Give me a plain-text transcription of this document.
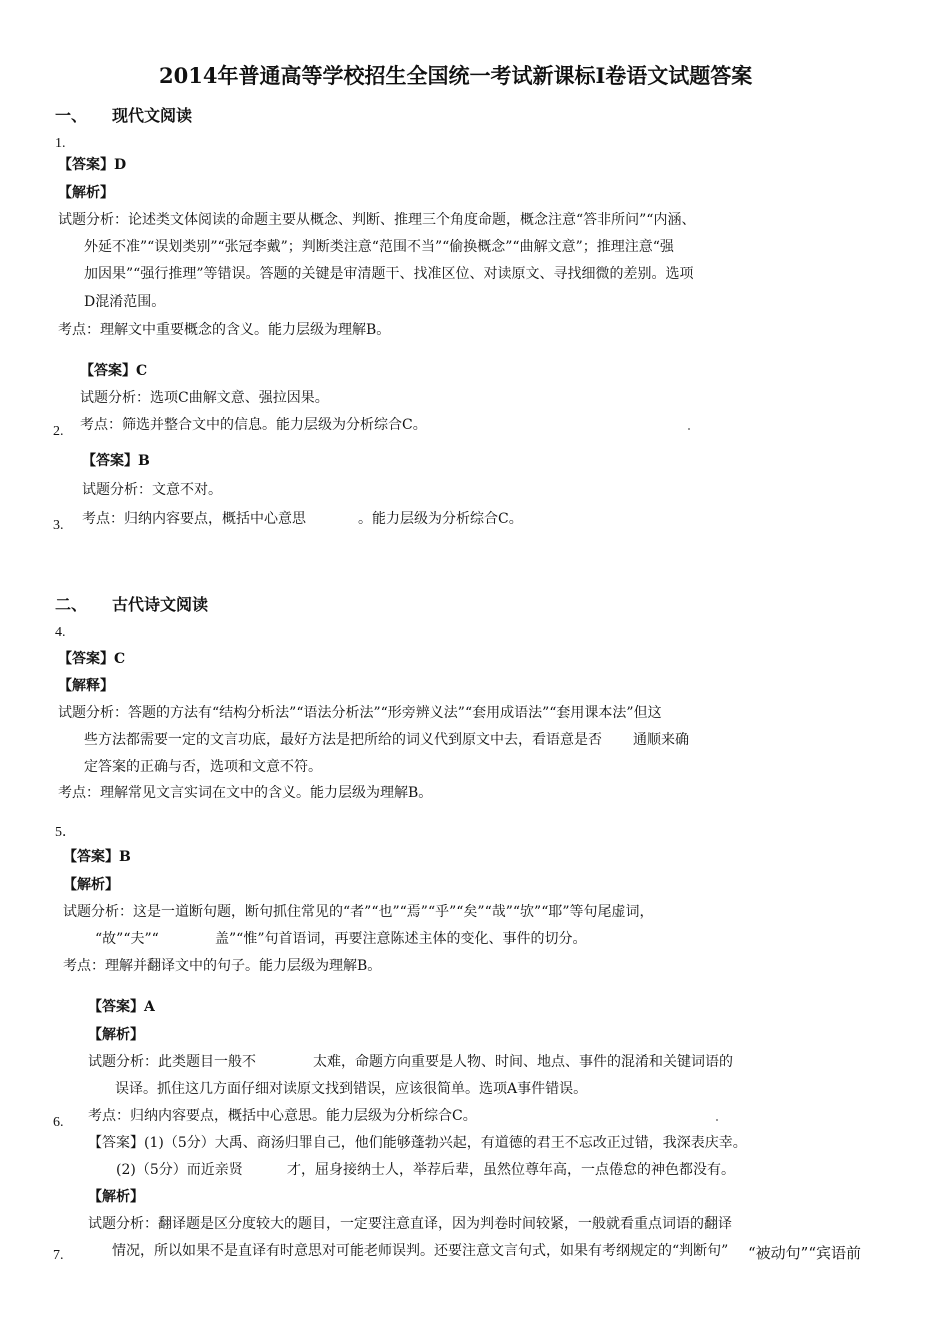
2014年普通高等学校招生全国统一考试新课标Ⅰ卷语文试题答案
一、 现代文阅读
1.
【答案】D
【解析】
试题分析：论述类文体阅读的命题主要从概念、判断、推理三个角度命题，概念注意“答非所问”“内涵、
外延不准”“误划类别”“张冠李戴”；判断类注意“范围不当”“偷换概念”“曲解文意”；推理注意“强
加因果”“强行推理”等错误。答题的关键是审清题干、找准区位、对读原文、寻找细微的差别。选项
D混淆范围。
考点：理解文中重要概念的含义。能力层级为理解B。
【答案】C
试题分析：选项C曲解文意、强拉因果。
2. 考点：筛选并整合文中的信息。能力层级为分析综合C。
【答案】B
试题分析：文意不对。
3. 考点：归纳内容要点，概括中心意思	。能力层级为分析综合C。
二、 古代诗文阅读
4.
【答案】C
【解释】
试题分析：答题的方法有“结构分析法”“语法分析法”“形旁辨义法”“套用成语法”“套用课本法”但这
些方法都需要一定的文言功底，最好方法是把所给的词义代到原文中去，看语意是否 通顺来确
定答案的正确与否，选项和文意不符。
考点：理解常见文言实词在文中的含义。能力层级为理解B。
5．
【答案】B
【解析】
试题分析：这是一道断句题，断句抓住常见的“者”“也”“焉”“乎”“矣”“哉”“欤”“耶”等句尾虚词，
“故”“夫”“	盖”“惟”句首语词，再要注意陈述主体的变化、事件的切分。
考点：理解并翻译文中的句子。能力层级为理解B。
【答案】A
【解析】
试题分析：此类题目一般不	太难，命题方向重要是人物、时间、地点、事件的混淆和关键词语的
误译。抓住这几方面仔细对读原文找到错误，应该很简单。选项A事件错误。
6. 考点：归纳内容要点，概括中心意思。能力层级为分析综合C。
【答案】(1)（5分）大禹、商汤归罪自己，他们能够蓬勃兴起，有道德的君王不忘改正过错，我深表庆幸。
(2)（5分）而近亲贤	才，屈身接纳士人，举荐后辈，虽然位尊年高，一点倦怠的神色都没有。
【解析】
试题分析：翻译题是区分度较大的题目，一定要注意直译，因为判卷时间较紧，一般就看重点词语的翻译
7.	情况，所以如果不是直译有时意思对可能老师误判。还要注意文言句式，如果有考纲规定的“判断句” “被动句”“宾语前
